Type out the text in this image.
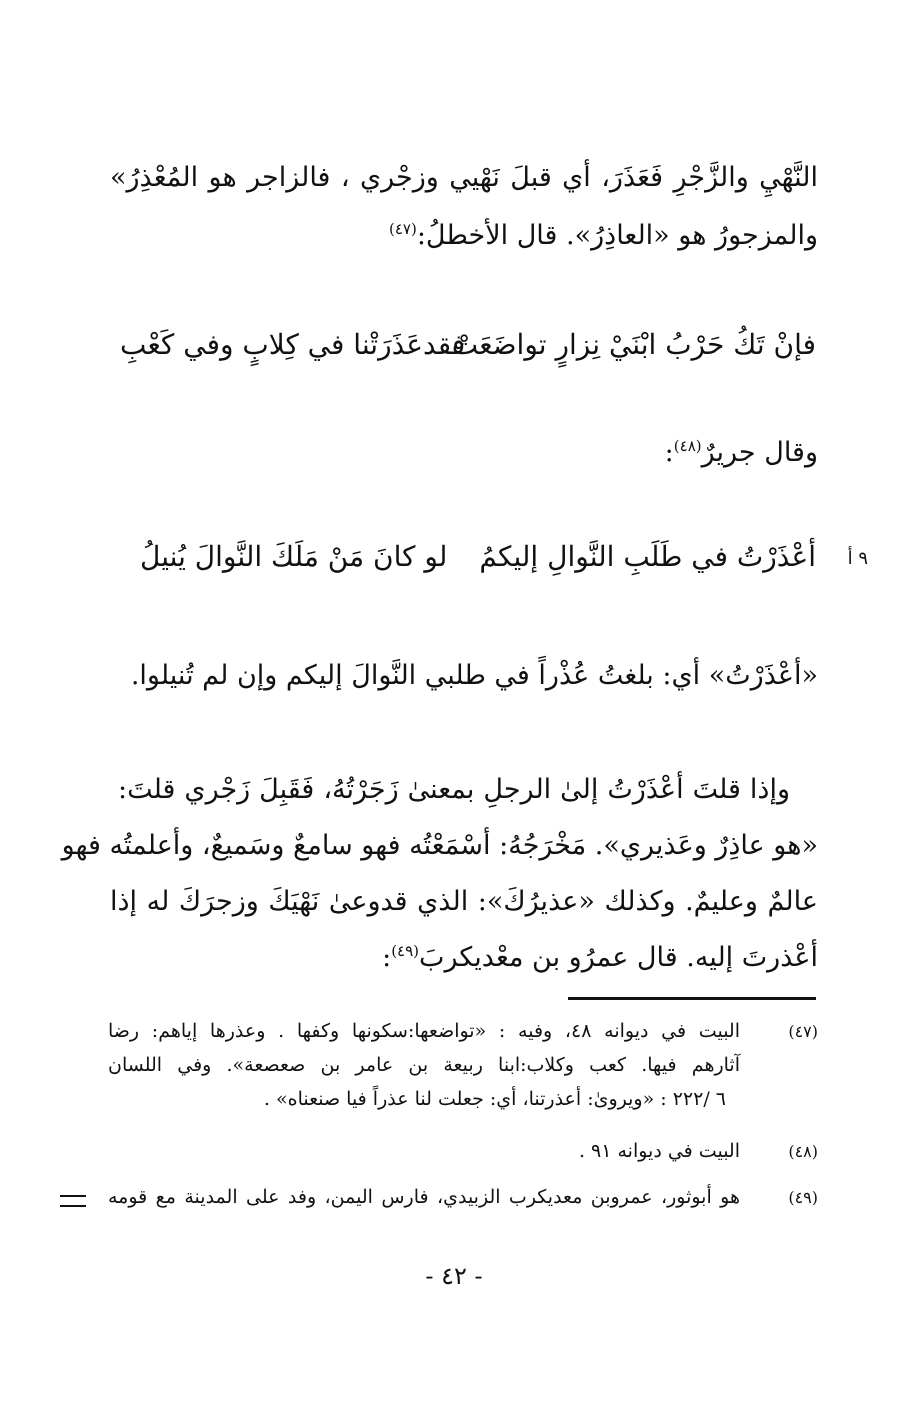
النَّهْيِ والزَّجْرِ فَعَذَرَ، أي قبلَ نَهْيي وزجْري ، فالزاجر هو المُعْذِرُ»
والمزجورُ هو «العاذِرُ». قال الأخطلُ:$^{(٤٧)}$
فإنْ تَكُ حَرْبُ ابْنَيْ نِزارٍ تواضَعَتْ
فقدعَذَرَتْنا في كِلابٍ وفي كَعْبِ
وقال جريرٌ$^{(٤٨)}$:
٩ أ
أعْذَرْتُ في طَلَبِ النَّوالِ إليكمُ
لو كانَ مَنْ مَلَكَ النَّوالَ يُنيلُ
«أعْذَرْتُ» أي: بلغتُ عُذْراً في طلبي النَّوالَ إليكم وإن لم تُنيلوا.
وإذا قلتَ أعْذَرْتُ إلىٰ الرجلِ بمعنىٰ زَجَرْتُهُ، فَقَبِلَ زَجْري قلتَ:
«هو عاذِرٌ وعَذيري». مَخْرَجُهُ: أسْمَعْتُه فهو سامعٌ وسَميعٌ، وأعلمتُه فهو
عالمٌ وعليمٌ. وكذلك «عذيرُكَ»: الذي قدوعىٰ نَهْيَكَ وزجرَكَ له إذا
أعْذرتَ إليه. قال عمرُو بن معْديكربَ$^{(٤٩)}$:
(٤٧)
البيت في ديوانه ٤٨، وفيه : «تواضعها:سكونها وكفها . وعذرها إياهم: رضا
آثارهم فيها. كعب وكلاب:ابنا ربيعة بن عامر بن صعصعة». وفي اللسان
٦ /٢٢٢ : «ويروىٰ: أعذرتنا، أي: جعلت لنا عذراً فيا صنعناه» .
(٤٨)
البيت في ديوانه ٩١ .
(٤٩)
هو أبوثور، عمروبن معديكرب الزبيدي، فارس اليمن، وفد على المدينة مع قومه
- ٤٢ -
